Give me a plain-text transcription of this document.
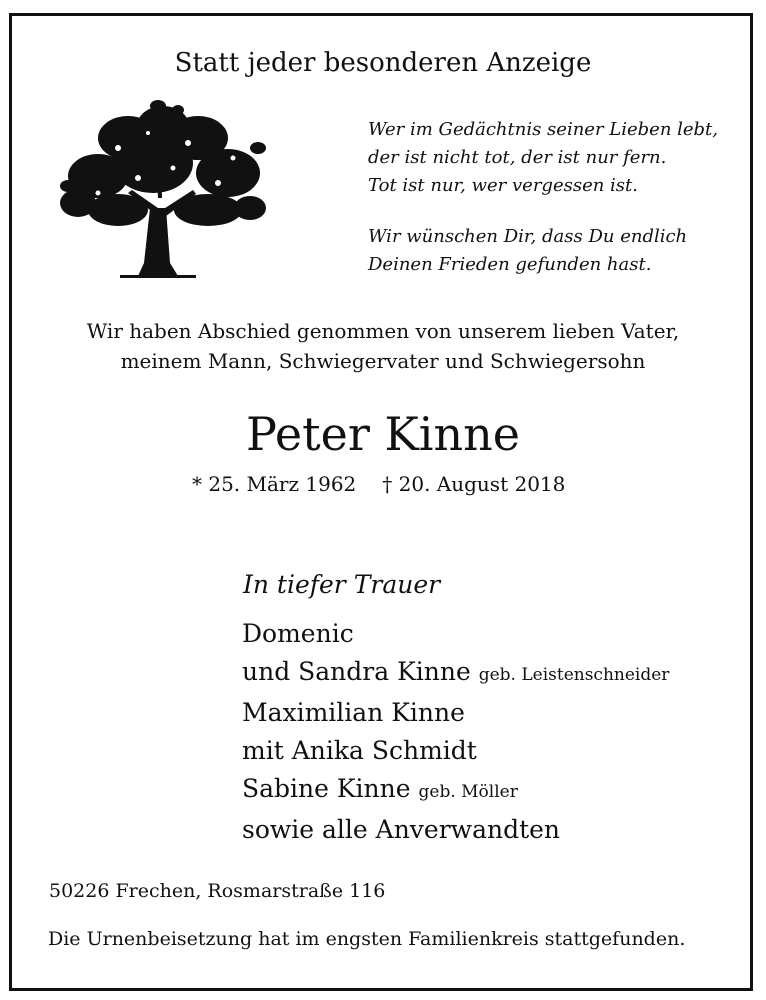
Statt jeder besonderen Anzeige
Wer im Gedächtnis seiner Lieben lebt,
der ist nicht tot, der ist nur fern.
Tot ist nur, wer vergessen ist.
Wir wünschen Dir, dass Du endlich
Deinen Frieden gefunden hast.
Wir haben Abschied genommen von unserem lieben Vater,
meinem Mann, Schwiegervater und Schwiegersohn
Peter Kinne
* 25. März 1962 † 20. August 2018
In tiefer Trauer
Domenic
und Sandra Kinne geb. Leistenschneider
Maximilian Kinne
mit Anika Schmidt
Sabine Kinne geb. Möller
sowie alle Anverwandten
50226 Frechen, Rosmarstraße 116
Die Urnenbeisetzung hat im engsten Familienkreis stattgefunden.
